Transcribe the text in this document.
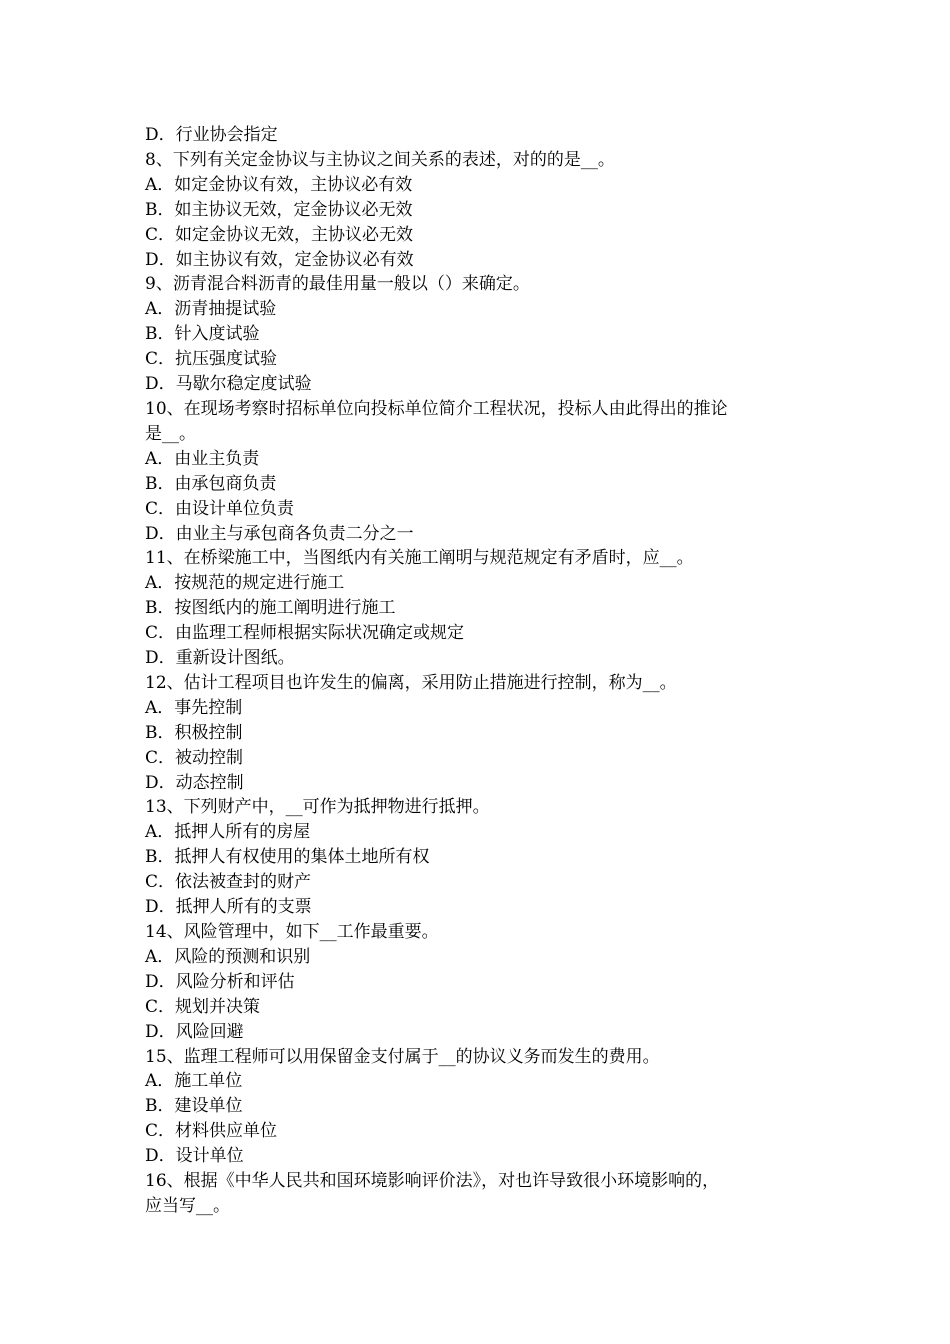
D．行业协会指定
8、下列有关定金协议与主协议之间关系的表述，对的的是__。
A．如定金协议有效，主协议必有效
B．如主协议无效，定金协议必无效
C．如定金协议无效，主协议必无效
D．如主协议有效，定金协议必有效
9、沥青混合料沥青的最佳用量一般以（）来确定。
A．沥青抽提试验
B．针入度试验
C．抗压强度试验
D．马歇尔稳定度试验
10、在现场考察时招标单位向投标单位简介工程状况，投标人由此得出的推论
是__。
A．由业主负责
B．由承包商负责
C．由设计单位负责
D．由业主与承包商各负责二分之一
11、在桥梁施工中，当图纸内有关施工阐明与规范规定有矛盾时，应__。
A．按规范的规定进行施工
B．按图纸内的施工阐明进行施工
C．由监理工程师根据实际状况确定或规定
D．重新设计图纸。
12、估计工程项目也许发生的偏离，采用防止措施进行控制，称为__。
A．事先控制
B．积极控制
C．被动控制
D．动态控制
13、下列财产中，__可作为抵押物进行抵押。
A．抵押人所有的房屋
B．抵押人有权使用的集体土地所有权
C．依法被查封的财产
D．抵押人所有的支票
14、风险管理中，如下__工作最重要。
A．风险的预测和识别
D．风险分析和评估
C．规划并决策
D．风险回避
15、监理工程师可以用保留金支付属于__的协议义务而发生的费用。
A．施工单位
B．建设单位
C．材料供应单位
D．设计单位
16、根据《中华人民共和国环境影响评价法》，对也许导致很小环境影响的，
应当写__。
